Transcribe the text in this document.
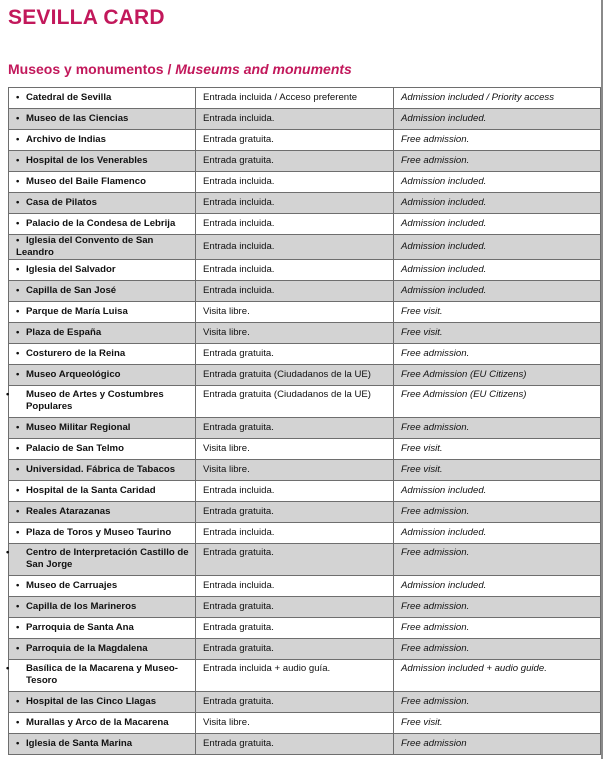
SEVILLA CARD
Museos y monumentos / Museums and monuments
• Catedral de Sevilla	Entrada incluida / Acceso preferente	Admission included / Priority access
• Museo de las Ciencias	Entrada incluida.	Admission included.
• Archivo de Indias	Entrada gratuita.	Free admission.
• Hospital de los Venerables	Entrada gratuita.	Free admission.
• Museo del Baile Flamenco	Entrada incluida.	Admission included.
• Casa de Pilatos	Entrada incluida.	Admission included.
• Palacio de la Condesa de Lebrija	Entrada incluida.	Admission included.
• Iglesia del Convento de San Leandro	Entrada incluida.	Admission included.
• Iglesia del Salvador	Entrada incluida.	Admission included.
• Capilla de San José	Entrada incluida.	Admission included.
• Parque de María Luisa	Visita libre.	Free visit.
• Plaza de España	Visita libre.	Free visit.
• Costurero de la Reina	Entrada gratuita.	Free admission.
• Museo Arqueológico	Entrada gratuita (Ciudadanos de la UE)	Free Admission (EU Citizens)
• Museo de Artes y Costumbres Populares	Entrada gratuita (Ciudadanos de la UE)	Free Admission (EU Citizens)
• Museo Militar Regional	Entrada gratuita.	Free admission.
• Palacio de San Telmo	Visita libre.	Free visit.
• Universidad. Fábrica de Tabacos	Visita libre.	Free visit.
• Hospital de la Santa Caridad	Entrada incluida.	Admission included.
• Reales Atarazanas	Entrada gratuita.	Free admission.
• Plaza de Toros y Museo Taurino	Entrada incluida.	Admission included.
• Centro de Interpretación Castillo de San Jorge	Entrada gratuita.	Free admission.
• Museo de Carruajes	Entrada incluida.	Admission included.
• Capilla de los Marineros	Entrada gratuita.	Free admission.
• Parroquia de Santa Ana	Entrada gratuita.	Free admission.
• Parroquia de la Magdalena	Entrada gratuita.	Free admission.
• Basílica de la Macarena y Museo-Tesoro	Entrada incluida + audio guía.	Admission included + audio guide.
• Hospital de las Cinco Llagas	Entrada gratuita.	Free admission.
• Murallas y Arco de la Macarena	Visita libre.	Free visit.
• Iglesia de Santa Marina	Entrada gratuita.	Free admission
